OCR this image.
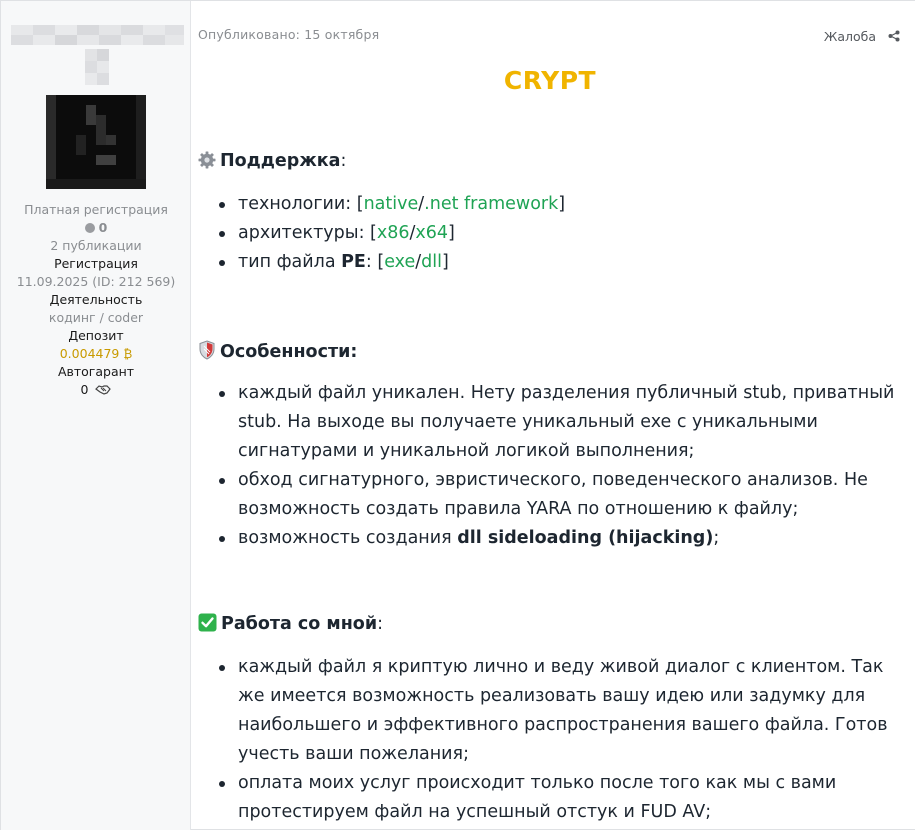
Платная регистрация
0
2 публикации
Регистрация
11.09.2025 (ID: 212 569)
Деятельность
кодинг / coder
Депозит
0.004479 ₿
Автогарант
0
Опубликовано: 15 октября	Жалоба
CRYPT
Поддержка:
технологии: [native/.net framework]
архитектуры: [x86/x64]
тип файла PE: [exe/dll]
Особенности:
каждый файл уникален. Нету разделения публичный stub, приватный stub. На выходе вы получаете уникальный exe с уникальными сигнатурами и уникальной логикой выполнения;
обход сигнатурного, эвристического, поведенческого анализов. Не возможность создать правила YARA по отношению к файлу;
возможность создания dll sideloading (hijacking);
Работа со мной:
каждый файл я криптую лично и веду живой диалог с клиентом. Так же имеется возможность реализовать вашу идею или задумку для наибольшего и эффективного распространения вашего файла. Готов учесть ваши пожелания;
оплата моих услуг происходит только после того как мы с вами протестируем файл на успешный отстук и FUD AV;
